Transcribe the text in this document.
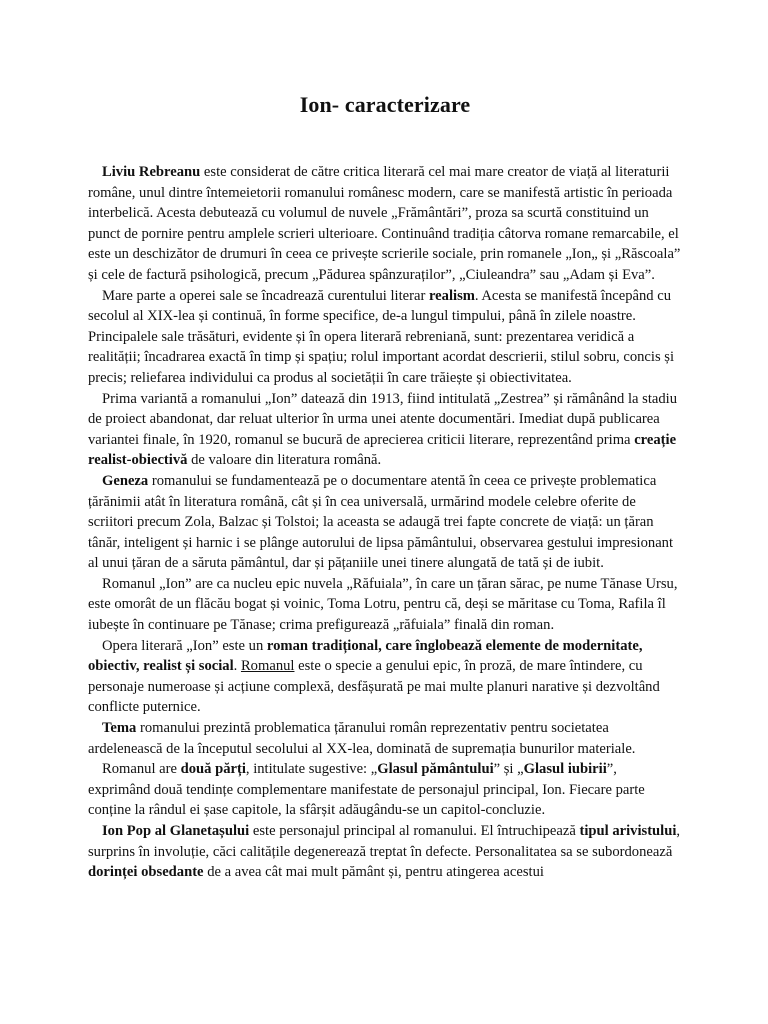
Ion- caracterizare

Liviu Rebreanu este considerat de către critica literară cel mai mare creator de viață al literaturii române, unul dintre întemeietorii romanului românesc modern, care se manifestă artistic în perioada interbelică. Acesta debutează cu volumul de nuvele „Frământări”, proza sa scurtă constituind un punct de pornire pentru amplele scrieri ulterioare. Continuând tradiția câtorva romane remarcabile, el este un deschizător de drumuri în ceea ce privește scrierile sociale, prin romanele „Ion„ și „Răscoala” și cele de factură psihologică, precum „Pădurea spânzuraților”, „Ciuleandra” sau „Adam și Eva”.

Mare parte a operei sale se încadrează curentului literar realism. Acesta se manifestă începând cu secolul al XIX-lea și continuă, în forme specifice, de-a lungul timpului, până în zilele noastre. Principalele sale trăsături, evidente și în opera literară rebreniană, sunt: prezentarea veridică a realității; încadrarea exactă în timp și spațiu; rolul important acordat descrierii, stilul sobru, concis și precis; reliefarea individului ca produs al societății în care trăiește și obiectivitatea.

Prima variantă a romanului „Ion” datează din 1913, fiind intitulată „Zestrea” și rămânând la stadiu de proiect abandonat, dar reluat ulterior în urma unei atente documentări. Imediat după publicarea variantei finale, în 1920, romanul se bucură de aprecierea criticii literare, reprezentând prima creație realist-obiectivă de valoare din literatura română.

Geneza romanului se fundamentează pe o documentare atentă în ceea ce privește problematica țărănimii atât în literatura română, cât și în cea universală, urmărind modele celebre oferite de scriitori precum Zola, Balzac și Tolstoi; la aceasta se adaugă trei fapte concrete de viață: un țăran tânăr, inteligent și harnic i se plânge autorului de lipsa pământului, observarea gestului impresionant al unui țăran de a săruta pământul, dar și pățaniile unei tinere alungată de tată și de iubit.

Romanul „Ion” are ca nucleu epic nuvela „Răfuiala”, în care un țăran sărac, pe nume Tănase Ursu, este omorât de un flăcău bogat și voinic, Toma Lotru, pentru că, deși se măritase cu Toma, Rafila îl iubește în continuare pe Tănase; crima prefigurează „răfuiala” finală din roman.

Opera literară „Ion” este un roman tradițional, care înglobează elemente de modernitate, obiectiv, realist și social. Romanul este o specie a genului epic, în proză, de mare întindere, cu personaje numeroase și acțiune complexă, desfășurată pe mai multe planuri narative și dezvoltând conflicte puternice.

Tema romanului prezintă problematica țăranului român reprezentativ pentru societatea ardelenească de la începutul secolului al XX-lea, dominată de supremația bunurilor materiale.

Romanul are două părți, intitulate sugestive: „Glasul pământului” și „Glasul iubirii”, exprimând două tendințe complementare manifestate de personajul principal, Ion. Fiecare parte conține la rândul ei șase capitole, la sfârșit adăugându-se un capitol-concluzie.

Ion Pop al Glanetașului este personajul principal al romanului. El întruchipează tipul arivistului, surprins în involuție, căci calitățile degenerează treptat în defecte. Personalitatea sa se subordonează dorinței obsedante de a avea cât mai mult pământ și, pentru atingerea acestui
